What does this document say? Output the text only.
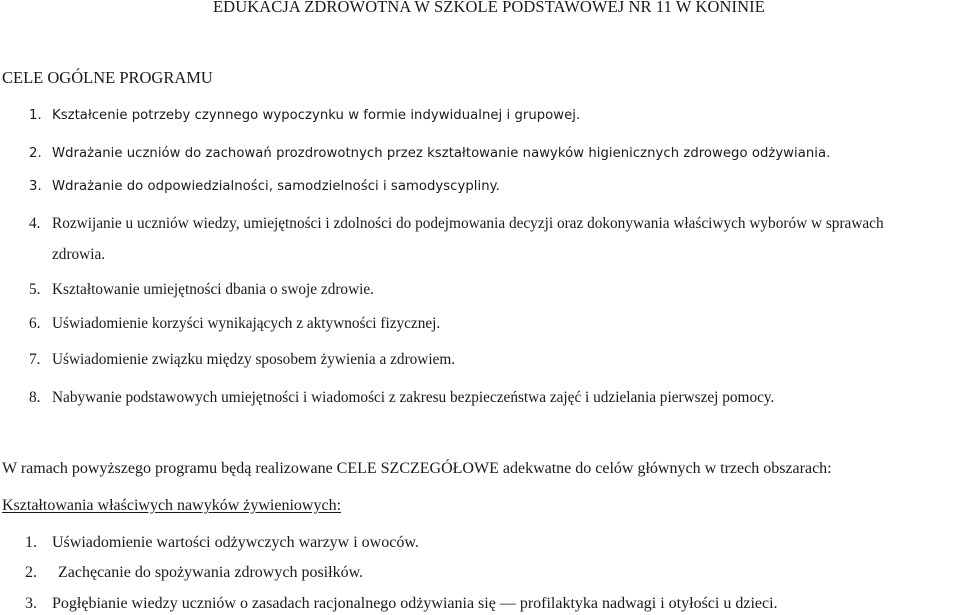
EDUKACJA ZDROWOTNA W SZKOLE PODSTAWOWEJ NR 11 W KONINIE
CELE OGÓLNE PROGRAMU
1. Kształcenie potrzeby czynnego wypoczynku w formie indywidualnej i grupowej.
2. Wdrażanie uczniów do zachowań prozdrowotnych przez kształtowanie nawyków higienicznych zdrowego odżywiania.
3. Wdrażanie do odpowiedzialności, samodzielności i samodyscypliny.
4. Rozwijanie u uczniów wiedzy, umiejętności i zdolności do podejmowania decyzji oraz dokonywania właściwych wyborów w sprawach
zdrowia.
5. Kształtowanie umiejętności dbania o swoje zdrowie.
6. Uświadomienie korzyści wynikających z aktywności fizycznej.
7. Uświadomienie związku między sposobem żywienia a zdrowiem.
8. Nabywanie podstawowych umiejętności i wiadomości z zakresu bezpieczeństwa zajęć i udzielania pierwszej pomocy.
W ramach powyższego programu będą realizowane CELE SZCZEGÓŁOWE adekwatne do celów głównych w trzech obszarach:
Kształtowania właściwych nawyków żywieniowych:
1. Uświadomienie wartości odżywczych warzyw i owoców.
2. Zachęcanie do spożywania zdrowych posiłków.
3. Pogłębianie wiedzy uczniów o zasadach racjonalnego odżywiania się — profilaktyka nadwagi i otyłości u dzieci.
